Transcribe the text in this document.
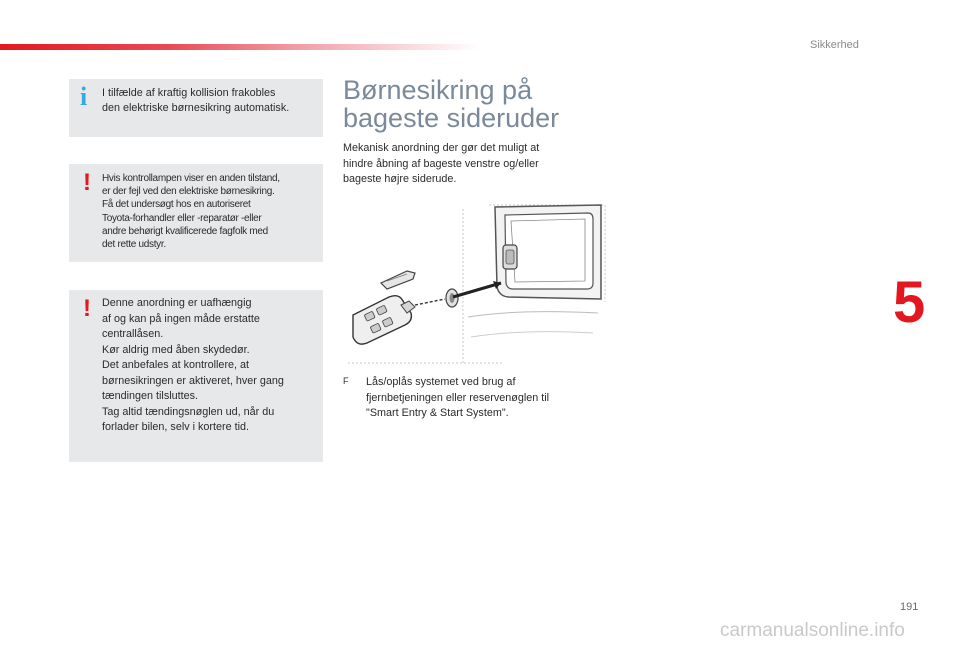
Sikkerhed
5
i I tilfælde af kraftig kollision frakobles
den elektriske børnesikring automatisk.
! Hvis kontrollampen viser en anden tilstand,
er der fejl ved den elektriske børnesikring.
Få det undersøgt hos en autoriseret
Toyota-forhandler eller -reparatør -eller
andre behørigt kvalificerede fagfolk med
det rette udstyr.
! Denne anordning er uafhængig
af og kan på ingen måde erstatte
centrallåsen.
Kør aldrig med åben skydedør.
Det anbefales at kontrollere, at
børnesikringen er aktiveret, hver gang
tændingen tilsluttes.
Tag altid tændingsnøglen ud, når du
forlader bilen, selv i kortere tid.
Børnesikring på
bageste sideruder
Mekanisk anordning der gør det muligt at
hindre åbning af bageste venstre og/eller
bageste højre siderude.
F Lås/oplås systemet ved brug af
fjernbetjeningen eller reservenøglen til
"Smart Entry & Start System".
191
carmanualsonline.info
